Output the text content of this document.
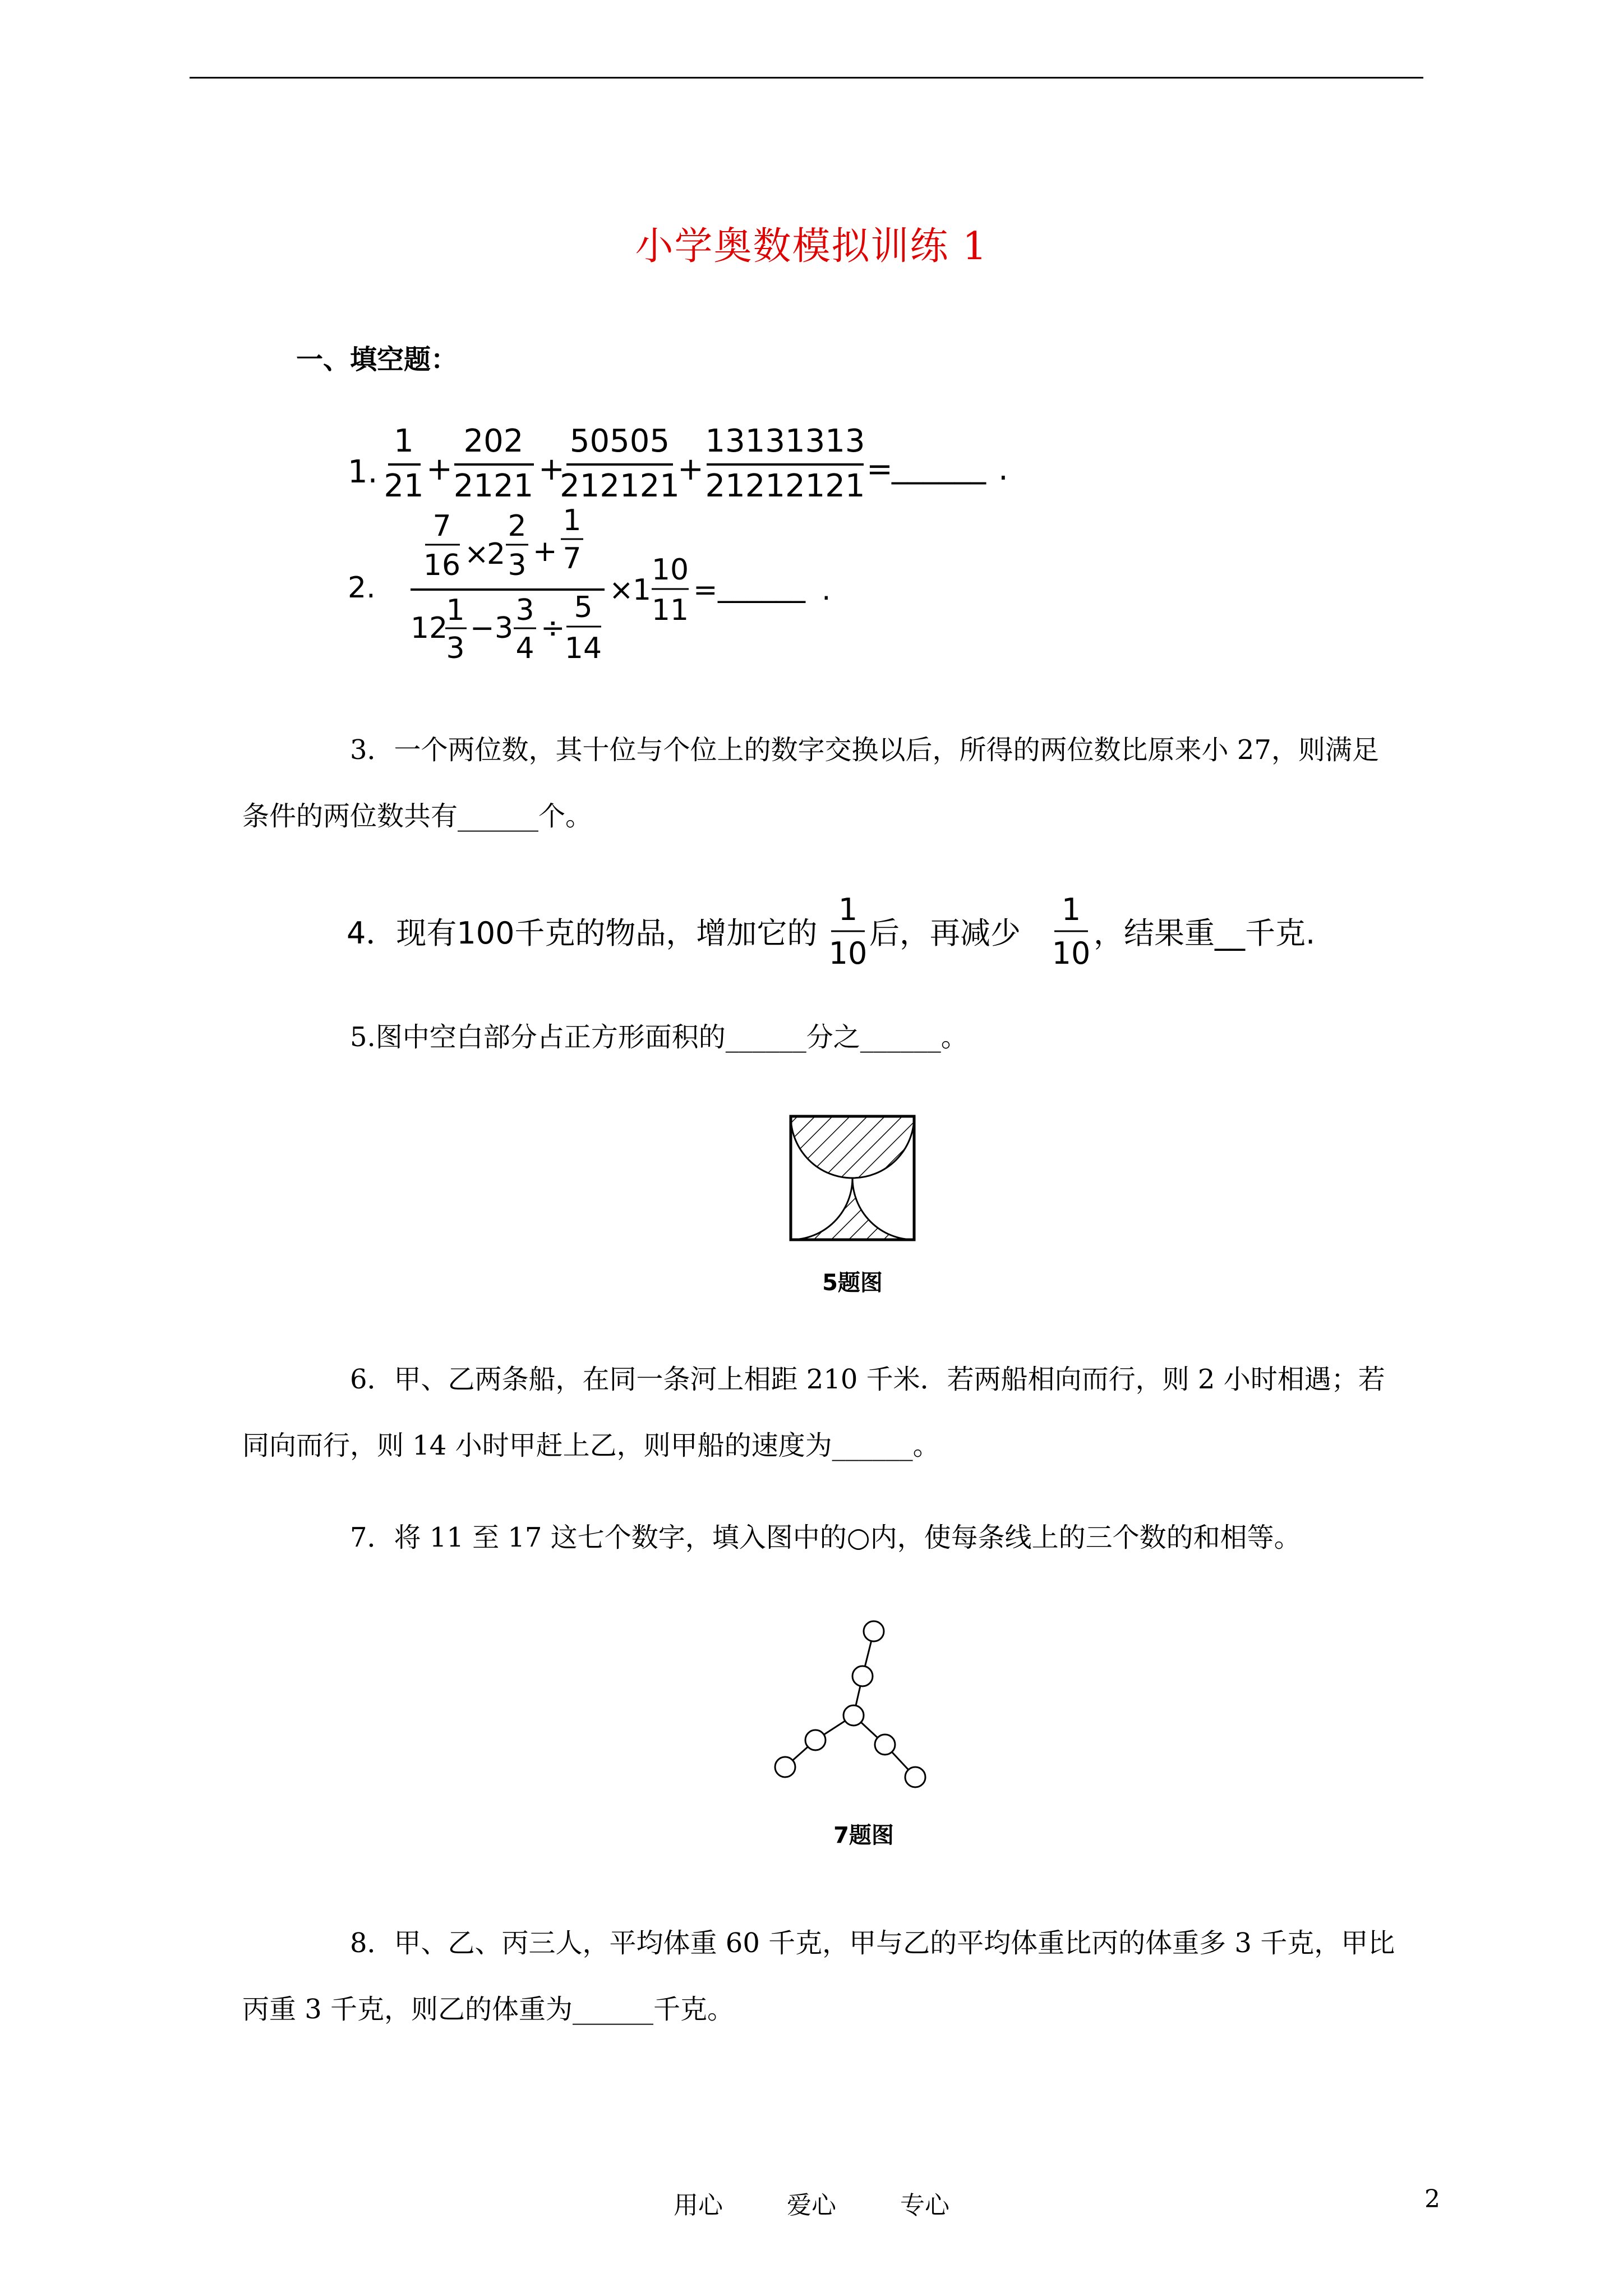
小学奥数模拟训练 1
一、填空题：
1.
1
21 +
202
2121 +
50505
212121
+
13131313
21212121 =
______ .
2.
7
16 ×
2
2
3 +
1
7
12
1
3
− 3
3
4
÷
5
14
×
1
10
11
= ______ .
3．一个两位数，其十位与个位上的数字交换以后，所得的两位数比原来小 27，则满足
条件的两位数共有______个。
4．现有100千克的物品，增加它的
1
10
后，再减少
1
10
，结果重__千克.
5.图中空白部分占正方形面积的______分之______。
5题图
6．甲、乙两条船，在同一条河上相距 210 千米．若两船相向而行，则 2 小时相遇；若
同向而行，则 14 小时甲赶上乙，则甲船的速度为______。
7．将 11 至 17 这七个数字，填入图中的○内，使每条线上的三个数的和相等。
7题图
8．甲、乙、丙三人，平均体重 60 千克，甲与乙的平均体重比丙的体重多 3 千克，甲比
丙重 3 千克，则乙的体重为______千克。
用心	爱心	专心	2
